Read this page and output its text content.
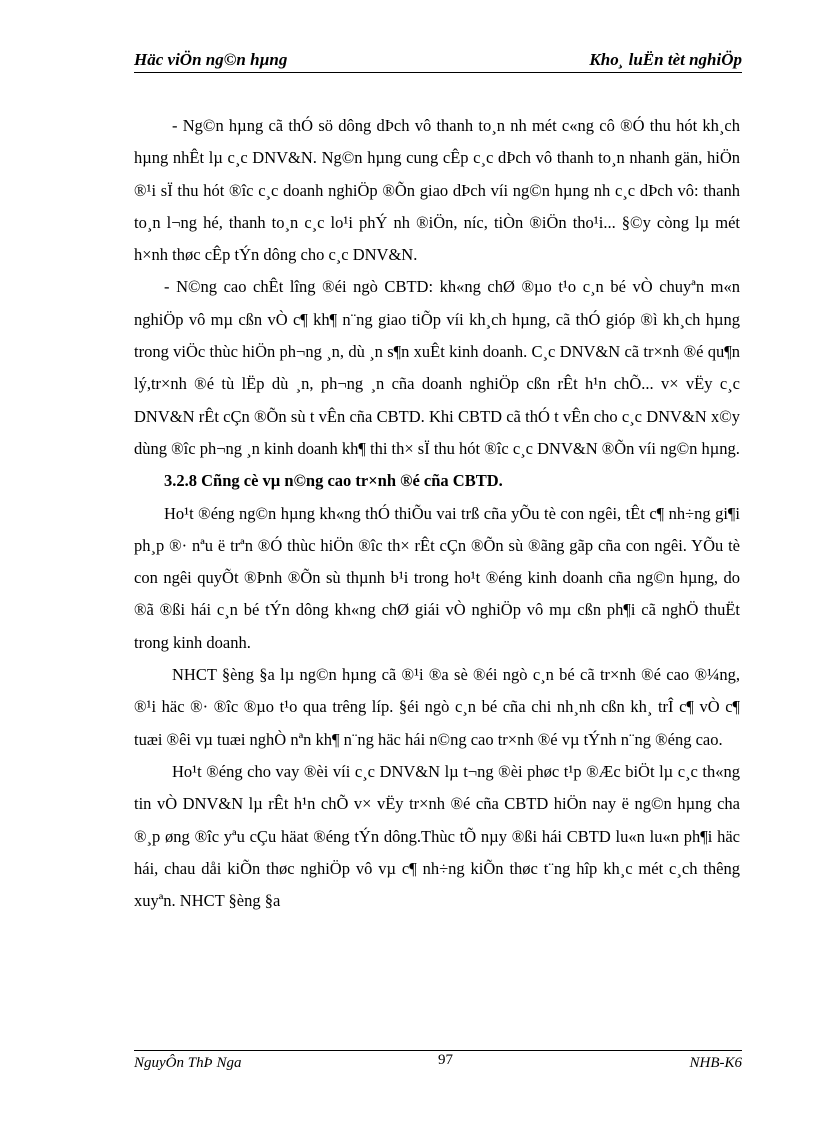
Häc viÖn ng©n hµng	Kho¸ luËn tèt nghiÖp

- Ng©n hµng cã thÓ sö dông dÞch vô thanh to¸n nh mét c«ng cô ®Ó thu hót kh¸ch hµng nhÊt lµ c¸c DNV&N. Ng©n hµng cung cÊp c¸c dÞch vô thanh to¸n nhanh gän, hiÖn ®¹i sÏ thu hót ®îc c¸c doanh nghiÖp ®Õn giao dÞch víi ng©n hµng nh c¸c dÞch vô: thanh to¸n l¬ng hé, thanh to¸n c¸c lo¹i phÝ nh ®iÖn, níc, tiÒn ®iÖn tho¹i... §©y còng lµ mét h×nh thøc cÊp tÝn dông cho c¸c DNV&N.

- N©ng cao chÊt lîng ®éi ngò CBTD: kh«ng chØ ®µo t¹o c¸n bé vÒ chuyªn m«n nghiÖp vô mµ cßn vÒ c¶ kh¶ n¨ng giao tiÕp víi kh¸ch hµng, cã thÓ gióp ®ì kh¸ch hµng trong viÖc thùc hiÖn ph¬ng ¸n, dù ¸n s¶n xuÊt kinh doanh. C¸c DNV&N cã tr×nh ®é qu¶n lý,tr×nh ®é tù lËp dù ¸n, ph¬ng ¸n cña doanh nghiÖp cßn rÊt h¹n chÕ... v× vËy c¸c DNV&N rÊt cÇn ®Õn sù t vÊn cña CBTD. Khi CBTD cã thÓ t vÊn cho c¸c DNV&N x©y dùng ®îc ph¬ng ¸n kinh doanh kh¶ thi th× sÏ thu hót ®îc c¸c DNV&N ®Õn víi ng©n hµng.

3.2.8 Cñng cè vµ n©ng cao tr×nh ®é cña CBTD.

Ho¹t ®éng ng©n hµng kh«ng thÓ thiÕu vai trß cña yÕu tè con ngêi, tÊt c¶ nh÷ng gi¶i ph¸p ®· nªu ë trªn ®Ó thùc hiÖn ®îc th× rÊt cÇn ®Õn sù ®ãng gãp cña con ngêi. YÕu tè con ngêi quyÕt ®Þnh ®Õn sù thµnh b¹i trong ho¹t ®éng kinh doanh cña ng©n hµng, do ®ã ®ßi hái c¸n bé tÝn dông kh«ng chØ giái vÒ nghiÖp vô mµ cßn ph¶i cã nghÖ thuËt trong kinh doanh.

NHCT §èng §a lµ ng©n hµng cã ®¹i ®a sè ®éi ngò c¸n bé cã tr×nh ®é cao ®¼ng, ®¹i häc ®· ®îc ®µo t¹o qua trêng líp. §éi ngò c¸n bé cña chi nh¸nh cßn kh¸ trÎ c¶ vÒ c¶ tuæi ®êi vµ tuæi nghÒ nªn kh¶ n¨ng häc hái n©ng cao tr×nh ®é vµ tÝnh n¨ng ®éng cao.

Ho¹t ®éng cho vay ®èi víi c¸c DNV&N lµ t¬ng ®èi phøc t¹p ®Æc biÖt lµ c¸c th«ng tin vÒ DNV&N lµ rÊt h¹n chÕ v× vËy tr×nh ®é cña CBTD hiÖn nay ë ng©n hµng cha ®¸p øng ®îc yªu cÇu häat ®éng tÝn dông.Thùc tÕ nµy ®ßi hái CBTD lu«n lu«n ph¶i häc hái, chau dåi kiÕn thøc nghiÖp vô vµ c¶ nh÷ng kiÕn thøc t¨ng hîp kh¸c mét c¸ch thêng xuyªn. NHCT §èng §a

NguyÔn ThÞ Nga	97	NHB-K6
